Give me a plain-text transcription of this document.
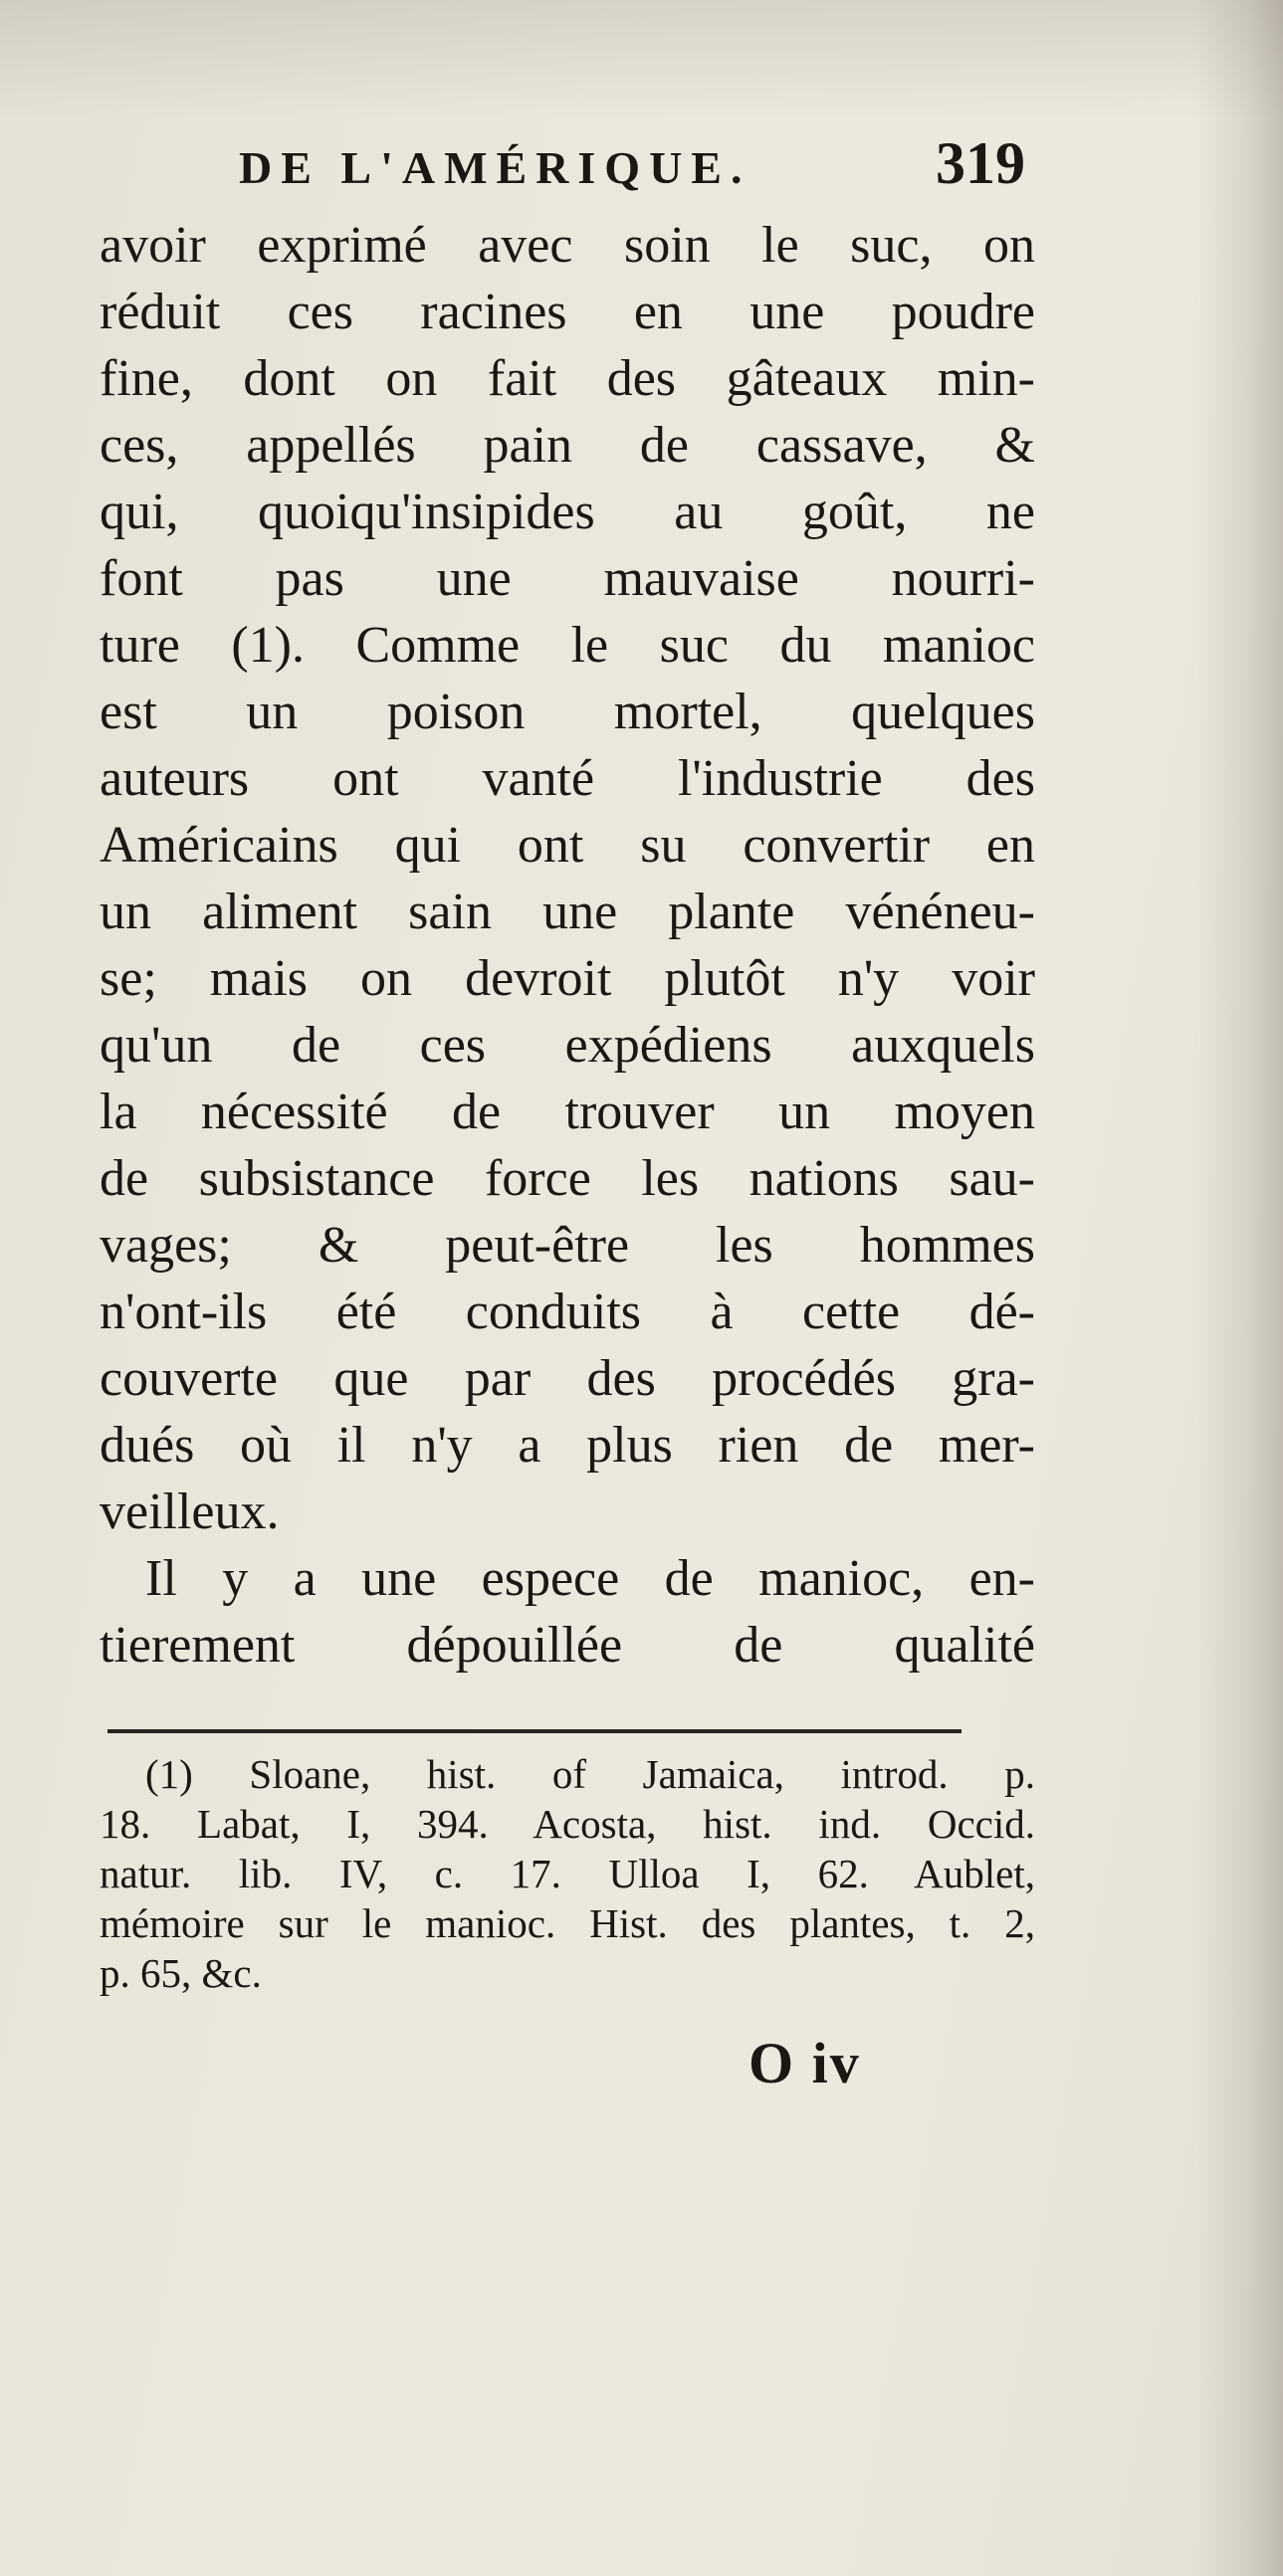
DE L'AMÉRIQUE.	319
avoir exprimé avec soin le suc, on
réduit ces racines en une poudre
fine, dont on fait des gâteaux min-
ces, appellés pain de cassave, &
qui, quoiqu'insipides au goût, ne
font pas une mauvaise nourri-
ture (1). Comme le suc du manioc
est un poison mortel, quelques
auteurs ont vanté l'industrie des
Américains qui ont su convertir en
un aliment sain une plante vénéneu-
se; mais on devroit plutôt n'y voir
qu'un de ces expédiens auxquels
la nécessité de trouver un moyen
de subsistance force les nations sau-
vages; & peut-être les hommes
n'ont-ils été conduits à cette dé-
couverte que par des procédés gra-
dués où il n'y a plus rien de mer-
veilleux.
Il y a une espece de manioc, en-
tierement dépouillée de qualité
(1) Sloane, hist. of Jamaica, introd. p.
18. Labat, I, 394. Acosta, hist. ind. Occid.
natur. lib. IV, c. 17. Ulloa I, 62. Aublet,
mémoire sur le manioc. Hist. des plantes, t. 2,
p. 65, &c.
O iv
